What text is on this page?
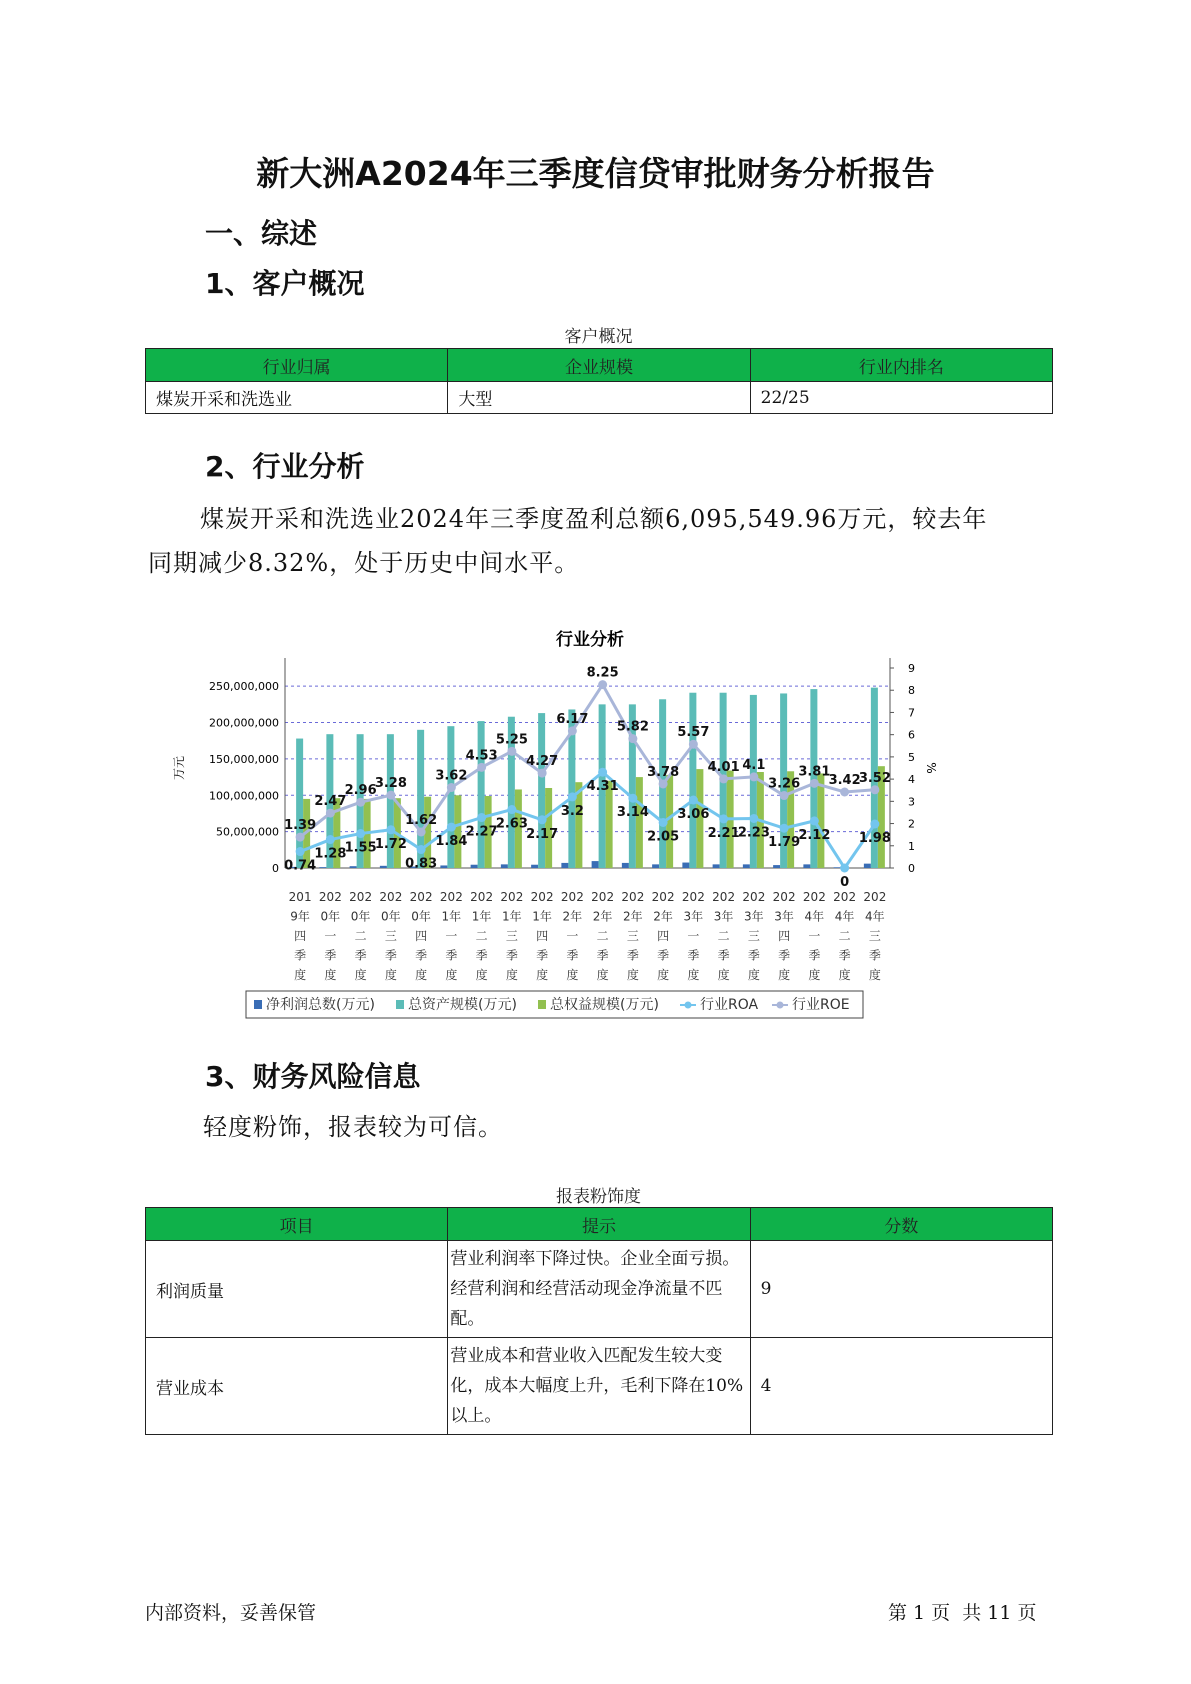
新大洲A2024年三季度信贷审批财务分析报告
一、综述
1、客户概况
客户概况
行业归属	企业规模	行业内排名
煤炭开采和洗选业	大型	22/25
2、行业分析
煤炭开采和洗选业2024年三季度盈利总额6,095,549.96万元，较去年
同期减少8.32%，处于历史中间水平。
行业分析
0
50,000,000
100,000,000
150,000,000
200,000,000
250,000,000
0
1
2
3
4
5
6
7
8
9
万元	%
0.74
1.28
1.55
1.72
0.83
1.84
2.27
2.63
2.17
3.2
4.31
3.14
2.05
3.06
2.21
2.23
1.79
2.12
0
1.98
1.39
2.47
2.96
3.28
1.62
3.62
4.53
5.25
4.27
6.17
8.25
5.82
3.78
5.57
4.01 4.1
3.26
3.81
3.42
3.52
201
9年
四
季
度
202
0年
一
季
度
202
0年
二
季
度
202
0年
三
季
度
202
0年
四
季
度
202
1年
一
季
度
202
1年
二
季
度
202
1年
三
季
度
202
1年
四
季
度
202
2年
一
季
度
202
2年
二
季
度
202
2年
三
季
度
202
2年
四
季
度
202
3年
一
季
度
202
3年
二
季
度
202
3年
三
季
度
202
3年
四
季
度
202
4年
一
季
度
202
4年
二
季
度
202
4年
三
季
度
净利润总数(万元) 总资产规模(万元) 总权益规模(万元)	行业ROA 行业ROE
3、财务风险信息
轻度粉饰，报表较为可信。
报表粉饰度
项目	提示	分数
利润质量	营业利润率下降过快。企业全面亏损。经营利润和经营活动现金净流量不匹配。	9
营业成本	营业成本和营业收入匹配发生较大变化，成本大幅度上升，毛利下降在10%以上。	4
内部资料，妥善保管	第 1 页  共 11 页
